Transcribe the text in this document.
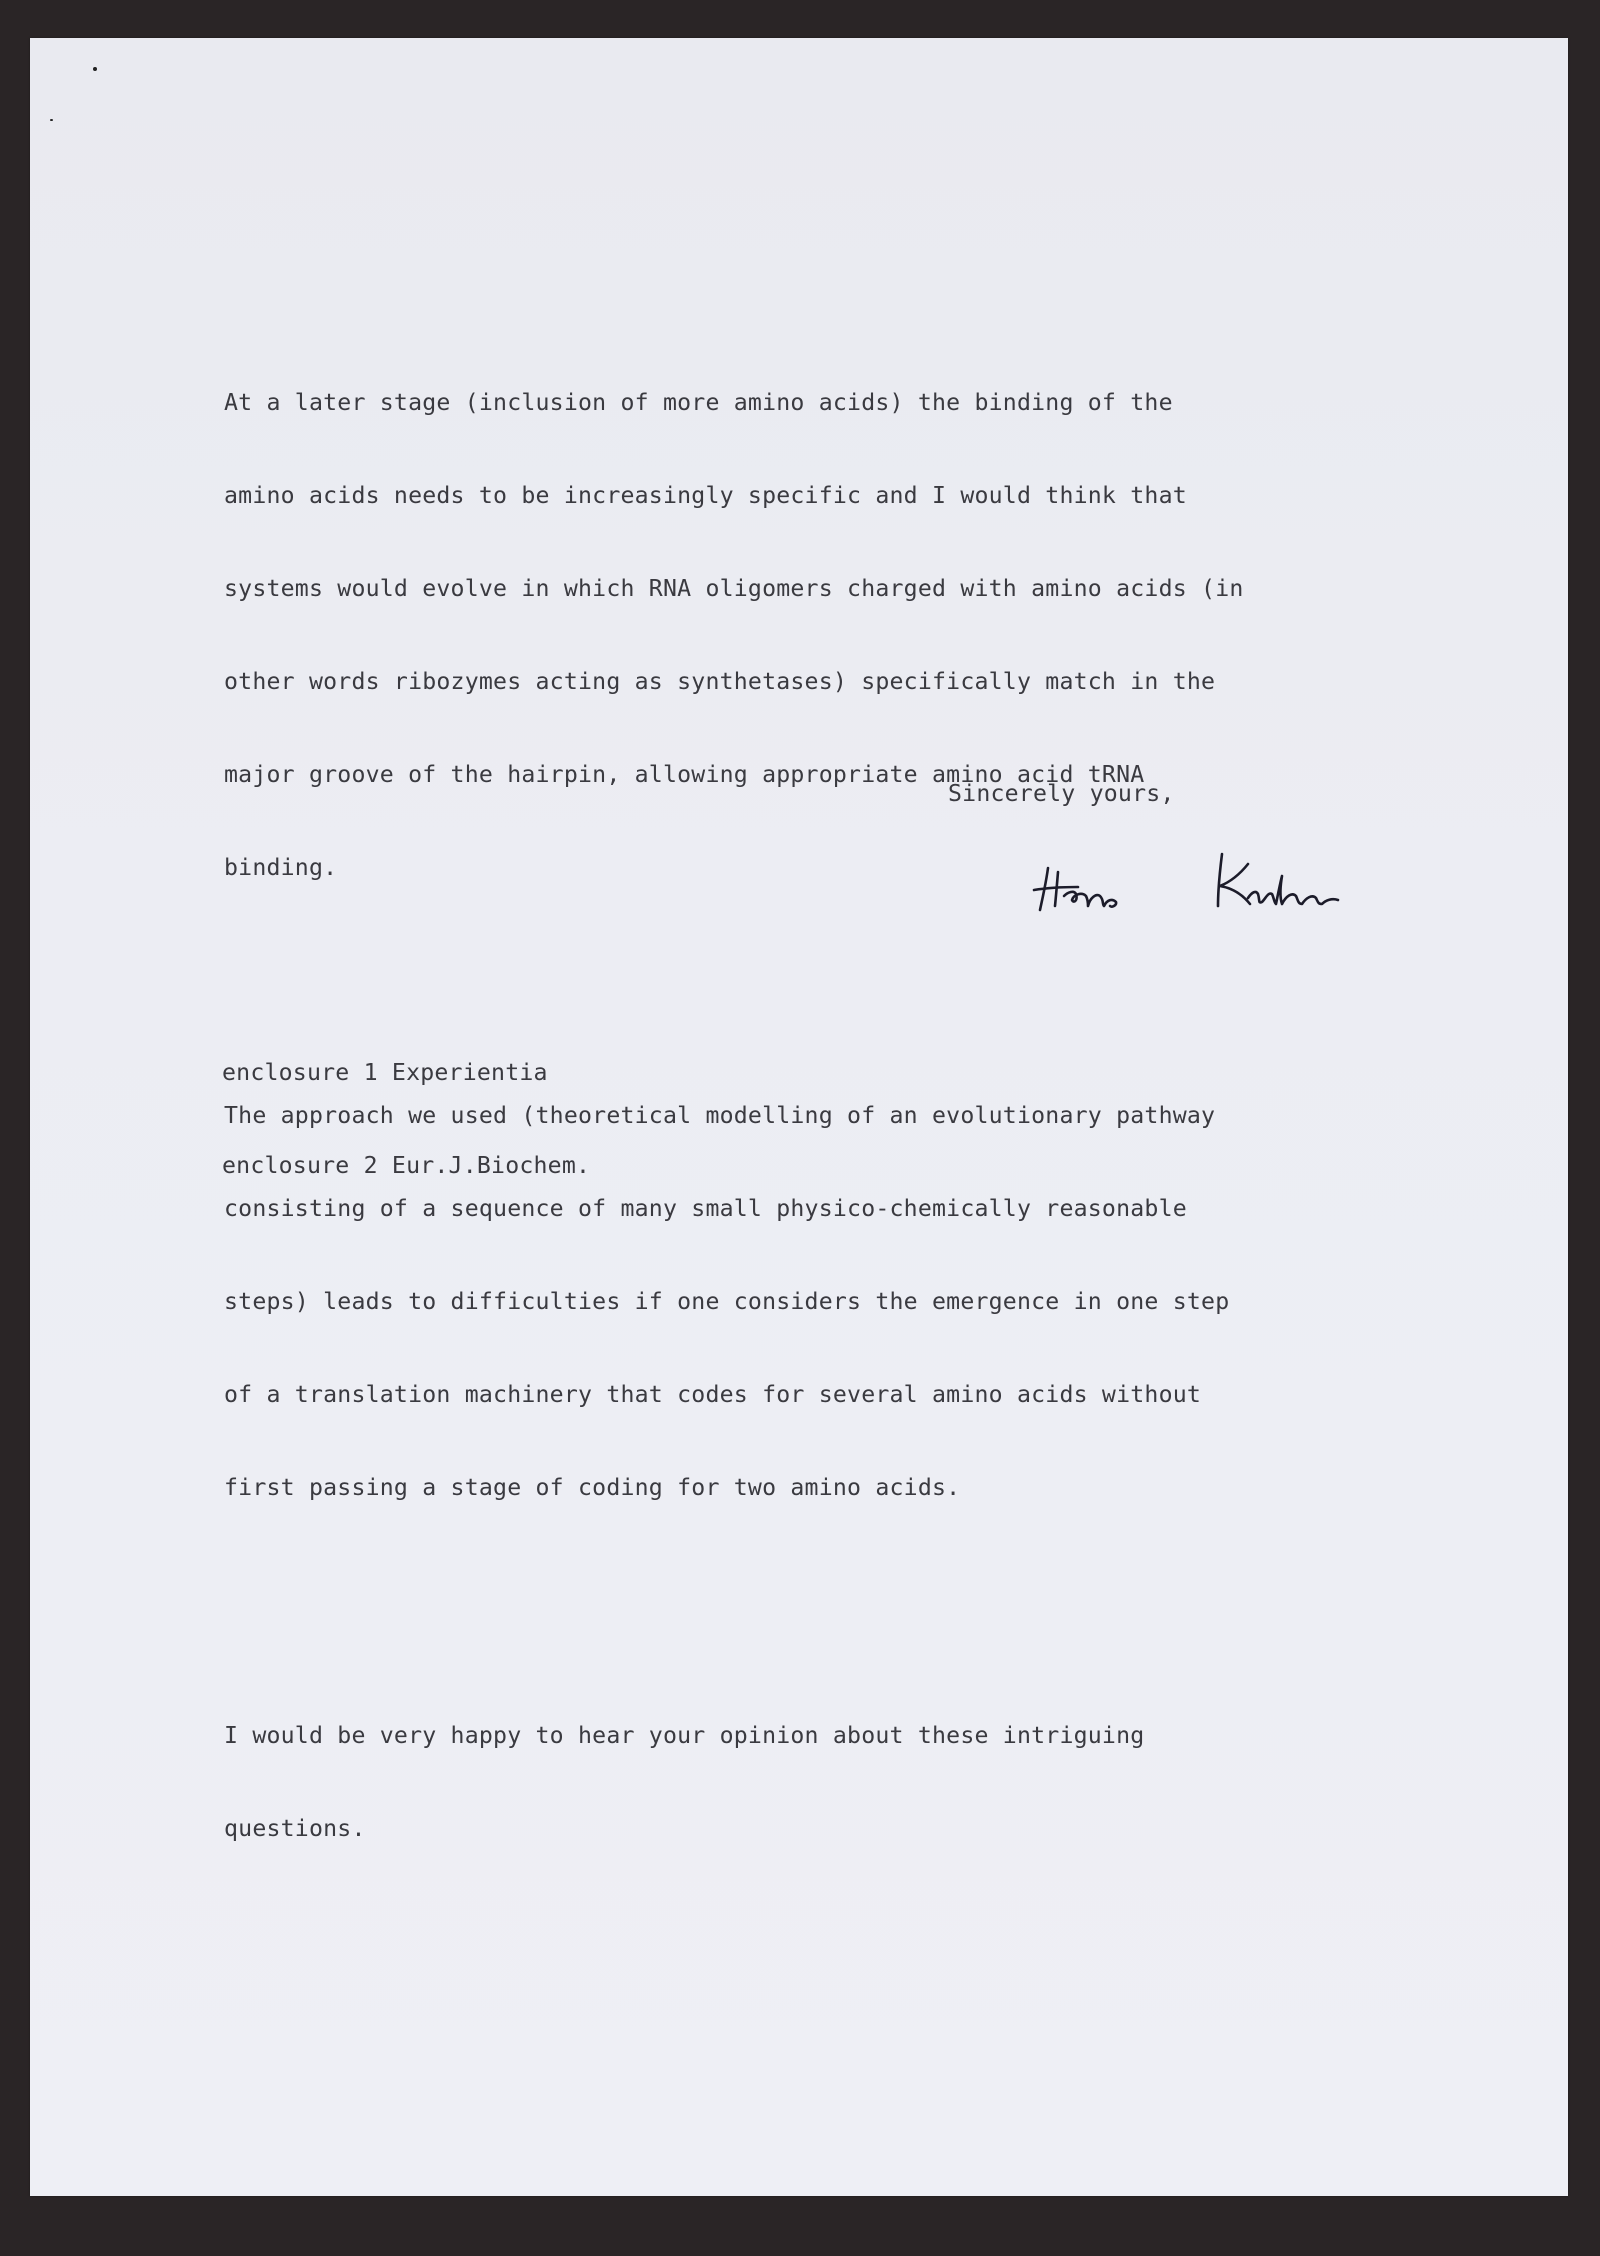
At a later stage (inclusion of more amino acids) the binding of the

amino acids needs to be increasingly specific and I would think that

systems would evolve in which RNA oligomers charged with amino acids (in

other words ribozymes acting as synthetases) specifically match in the

major groove of the hairpin, allowing appropriate amino acid tRNA

binding.

The approach we used (theoretical modelling of an evolutionary pathway

consisting of a sequence of many small physico-chemically reasonable

steps) leads to difficulties if one considers the emergence in one step

of a translation machinery that codes for several amino acids without

first passing a stage of coding for two amino acids.

I would be very happy to hear your opinion about these intriguing

questions.

Sincerely yours,

enclosure 1 Experientia

enclosure 2 Eur.J.Biochem.
